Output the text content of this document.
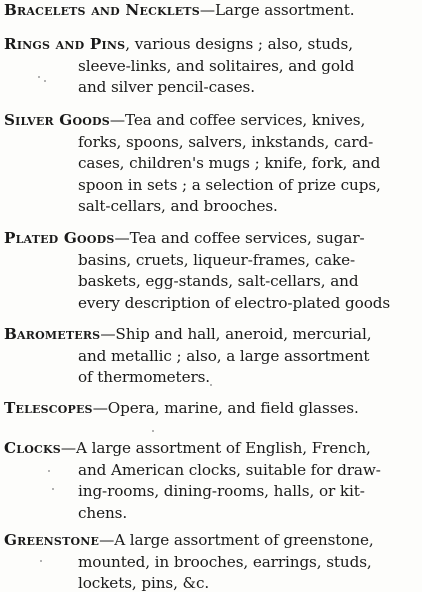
Bracelets and Necklets—Large assortment.
Rings and Pins, various designs ; also, studs,
sleeve-links, and solitaires, and gold
and silver pencil-cases.
Silver Goods—Tea and coffee services, knives,
forks, spoons, salvers, inkstands, card-
cases, children's mugs ; knife, fork, and
spoon in sets ; a selection of prize cups,
salt-cellars, and brooches.
Plated Goods—Tea and coffee services, sugar-
basins, cruets, liqueur-frames, cake-
baskets, egg-stands, salt-cellars, and
every description of electro-plated goods
Barometers—Ship and hall, aneroid, mercurial,
and metallic ; also, a large assortment
of thermometers.
Telescopes—Opera, marine, and field glasses.
Clocks—A large assortment of English, French,
and American clocks, suitable for draw-
ing-rooms, dining-rooms, halls, or kit-
chens.
Greenstone—A large assortment of greenstone,
mounted, in brooches, earrings, studs,
lockets, pins, &c.
